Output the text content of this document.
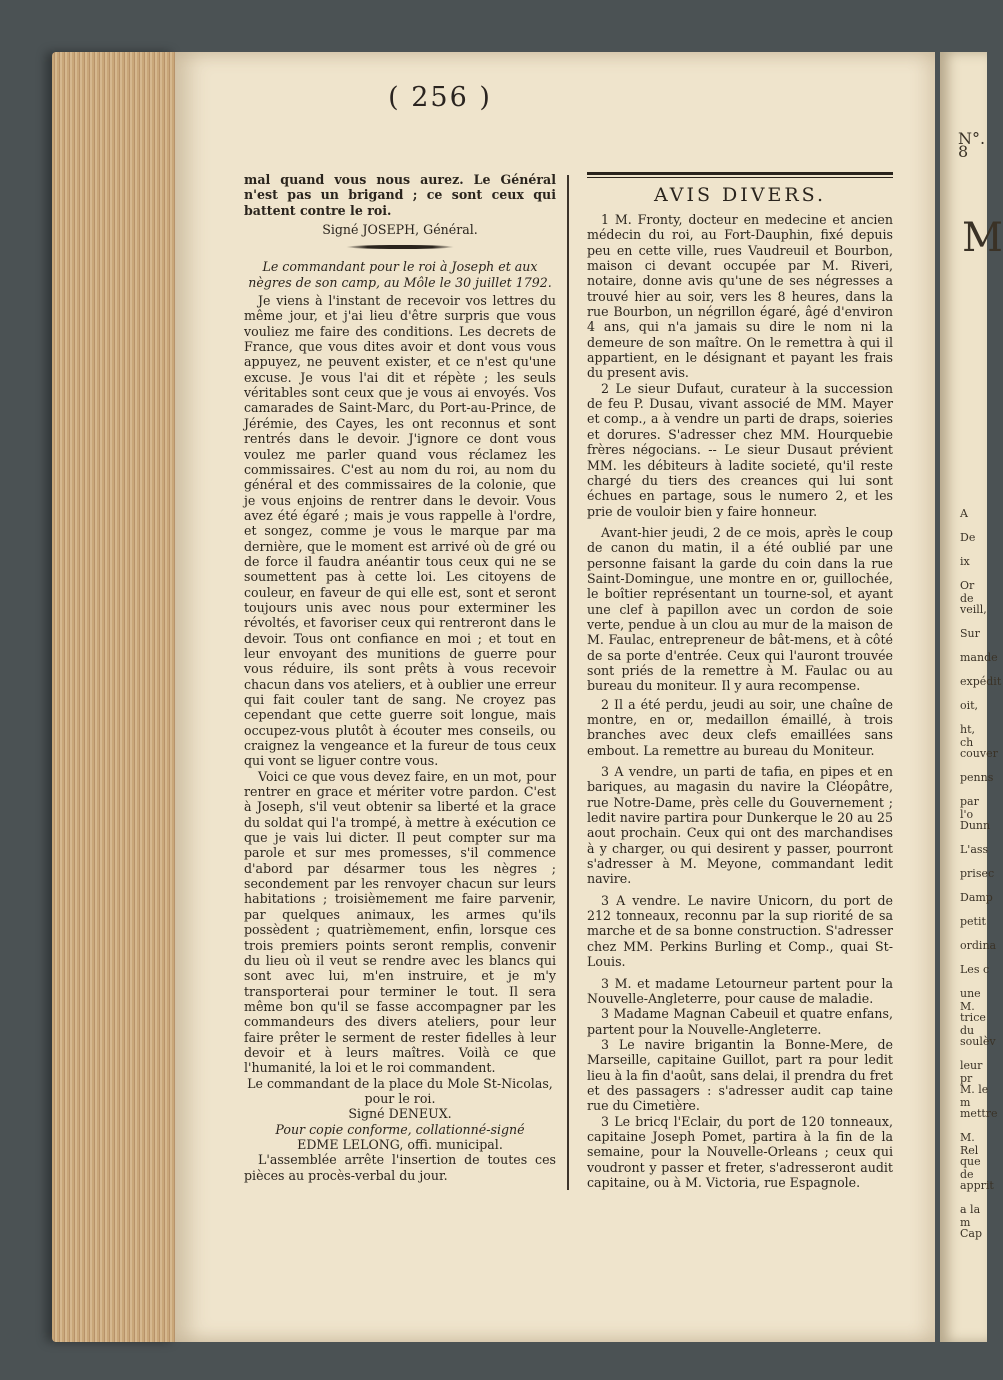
N°. 8
M
A
De
ix
Or de
veill,
Sur
mande
expédit
oit,
ht, ch
couver
penns
par l'o
Dunn
L'ass
prisec
Damp
petit
ordina
Les c
une M.
trice du
soulèv
leur pr
M. le m
mettre
M. Rel
que de
apprit
a la m
Cap
( 256 )

mal quand vous nous aurez. Le Général n'est pas un brigand ; ce sont ceux qui battent contre le roi.

Signé JOSEPH, Général.

Le commandant pour le roi à Joseph et aux nègres de son camp, au Môle le 30 juillet 1792.

Je viens à l'instant de recevoir vos lettres du même jour, et j'ai lieu d'être surpris que vous vouliez me faire des conditions. Les decrets de France, que vous dites avoir et dont vous vous appuyez, ne peuvent exister, et ce n'est qu'une excuse. Je vous l'ai dit et répète ; les seuls véritables sont ceux que je vous ai envoyés. Vos camarades de Saint-Marc, du Port-au-Prince, de Jérémie, des Cayes, les ont reconnus et sont rentrés dans le devoir. J'ignore ce dont vous voulez me parler quand vous réclamez les commissaires. C'est au nom du roi, au nom du général et des commissaires de la colonie, que je vous enjoins de rentrer dans le devoir. Vous avez été égaré ; mais je vous rappelle à l'ordre, et songez, comme je vous le marque par ma dernière, que le moment est arrivé où de gré ou de force il faudra anéantir tous ceux qui ne se soumettent pas à cette loi. Les citoyens de couleur, en faveur de qui elle est, sont et seront toujours unis avec nous pour exterminer les révoltés, et favoriser ceux qui rentreront dans le devoir. Tous ont confiance en moi ; et tout en leur envoyant des munitions de guerre pour vous réduire, ils sont prêts à vous recevoir chacun dans vos ateliers, et à oublier une erreur qui fait couler tant de sang. Ne croyez pas cependant que cette guerre soit longue, mais occupez-vous plutôt à écouter mes conseils, ou craignez la vengeance et la fureur de tous ceux qui vont se liguer contre vous.

Voici ce que vous devez faire, en un mot, pour rentrer en grace et mériter votre pardon. C'est à Joseph, s'il veut obtenir sa liberté et la grace du soldat qui l'a trompé, à mettre à exécution ce que je vais lui dicter. Il peut compter sur ma parole et sur mes promesses, s'il commence d'abord par désarmer tous les nègres ; secondement par les renvoyer chacun sur leurs habitations ; troisièmement me faire parvenir, par quelques animaux, les armes qu'ils possèdent ; quatrièmement, enfin, lorsque ces trois premiers points seront remplis, convenir du lieu où il veut se rendre avec les blancs qui sont avec lui, m'en instruire, et je m'y transporterai pour terminer le tout. Il sera même bon qu'il se fasse accompagner par les commandeurs des divers ateliers, pour leur faire prêter le serment de rester fidelles à leur devoir et à leurs maîtres. Voilà ce que l'humanité, la loi et le roi commandent.

Le commandant de la place du Mole St-Nicolas, pour le roi.

Signé DENEUX.

Pour copie conforme, collationné-signé

EDME LELONG, offi. municipal.

L'assemblée arrête l'insertion de toutes ces pièces au procès-verbal du jour.

AVIS DIVERS.

1 M. Fronty, docteur en medecine et ancien médecin du roi, au Fort-Dauphin, fixé depuis peu en cette ville, rues Vaudreuil et Bourbon, maison ci devant occupée par M. Riveri, notaire, donne avis qu'une de ses négresses a trouvé hier au soir, vers les 8 heures, dans la rue Bourbon, un négrillon égaré, âgé d'environ 4 ans, qui n'a jamais su dire le nom ni la demeure de son maître. On le remettra à qui il appartient, en le désignant et payant les frais du present avis.

2 Le sieur Dufaut, curateur à la succession de feu P. Dusau, vivant associé de MM. Mayer et comp., a à vendre un parti de draps, soieries et dorures. S'adresser chez MM. Hourquebie frères négocians. -- Le sieur Dusaut prévient MM. les débiteurs à ladite societé, qu'il reste chargé du tiers des creances qui lui sont échues en partage, sous le numero 2, et les prie de vouloir bien y faire honneur.

Avant-hier jeudi, 2 de ce mois, après le coup de canon du matin, il a été oublié par une personne faisant la garde du coin dans la rue Saint-Domingue, une montre en or, guillochée, le boîtier représentant un tourne-sol, et ayant une clef à papillon avec un cordon de soie verte, pendue à un clou au mur de la maison de M. Faulac, entrepreneur de bât-mens, et à côté de sa porte d'entrée. Ceux qui l'auront trouvée sont priés de la remettre à M. Faulac ou au bureau du moniteur. Il y aura recompense.

2 Il a été perdu, jeudi au soir, une chaîne de montre, en or, medaillon émaillé, à trois branches avec deux clefs emaillées sans embout. La remettre au bureau du Moniteur.

3 A vendre, un parti de tafia, en pipes et en bariques, au magasin du navire la Cléopâtre, rue Notre-Dame, près celle du Gouvernement ; ledit navire partira pour Dunkerque le 20 au 25 aout prochain. Ceux qui ont des marchandises à y charger, ou qui desirent y passer, pourront s'adresser à M. Meyone, commandant ledit navire.

3 A vendre. Le navire Unicorn, du port de 212 tonneaux, reconnu par la sup riorité de sa marche et de sa bonne construction. S'adresser chez MM. Perkins Burling et Comp., quai St-Louis.

3 M. et madame Letourneur partent pour la Nouvelle-Angleterre, pour cause de maladie.

3 Madame Magnan Cabeuil et quatre enfans, partent pour la Nouvelle-Angleterre.

3 Le navire brigantin la Bonne-Mere, de Marseille, capitaine Guillot, part ra pour ledit lieu à la fin d'août, sans delai, il prendra du fret et des passagers : s'adresser audit cap taine rue du Cimetière.

3 Le bricq l'Eclair, du port de 120 tonneaux, capitaine Joseph Pomet, partira à la fin de la semaine, pour la Nouvelle-Orleans ; ceux qui voudront y passer et freter, s'adresseront audit capitaine, ou à M. Victoria, rue Espagnole.
